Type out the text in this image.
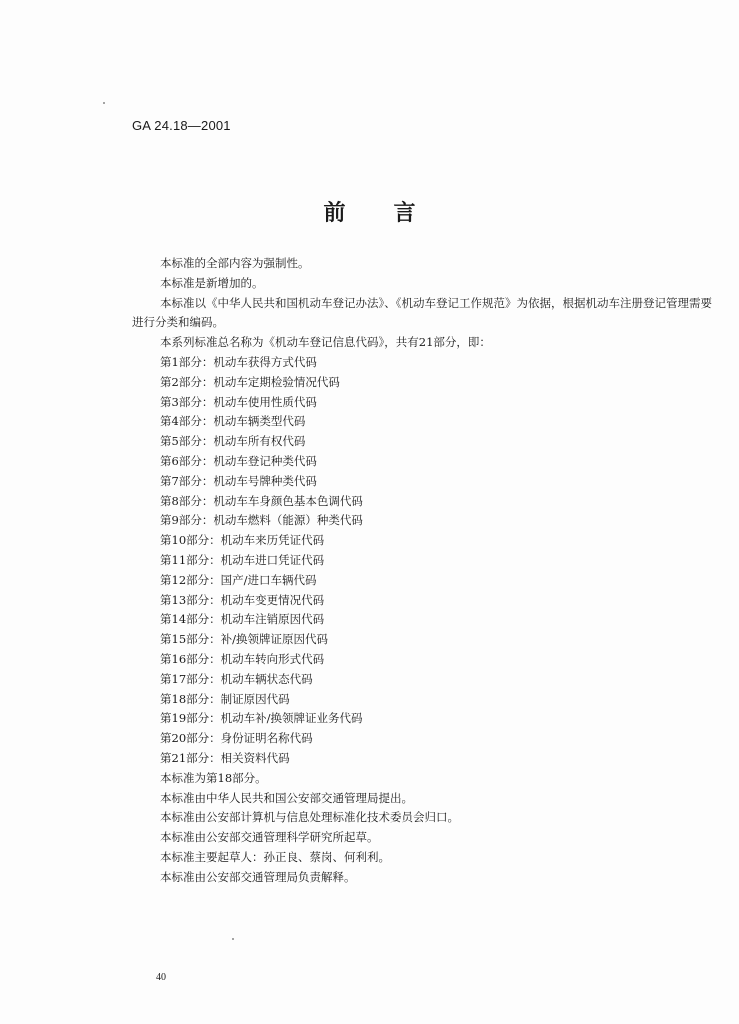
GA 24.18—2001
前 言

本标准的全部内容为强制性。

本标准是新增加的。

本标准以《中华人民共和国机动车登记办法》、《机动车登记工作规范》为依据，根据机动车注册登记管理需要进行分类和编码。

本系列标准总名称为《机动车登记信息代码》，共有21部分，即：

第1部分：机动车获得方式代码

第2部分：机动车定期检验情况代码

第3部分：机动车使用性质代码

第4部分：机动车辆类型代码

第5部分：机动车所有权代码

第6部分：机动车登记种类代码

第7部分：机动车号牌种类代码

第8部分：机动车车身颜色基本色调代码

第9部分：机动车燃料（能源）种类代码

第10部分：机动车来历凭证代码

第11部分：机动车进口凭证代码

第12部分：国产/进口车辆代码

第13部分：机动车变更情况代码

第14部分：机动车注销原因代码

第15部分：补/换领牌证原因代码

第16部分：机动车转向形式代码

第17部分：机动车辆状态代码

第18部分：制证原因代码

第19部分：机动车补/换领牌证业务代码

第20部分：身份证明名称代码

第21部分：相关资料代码

本标准为第18部分。

本标准由中华人民共和国公安部交通管理局提出。

本标准由公安部计算机与信息处理标准化技术委员会归口。

本标准由公安部交通管理科学研究所起草。

本标准主要起草人：孙正良、蔡岗、何利利。

本标准由公安部交通管理局负责解释。

40
